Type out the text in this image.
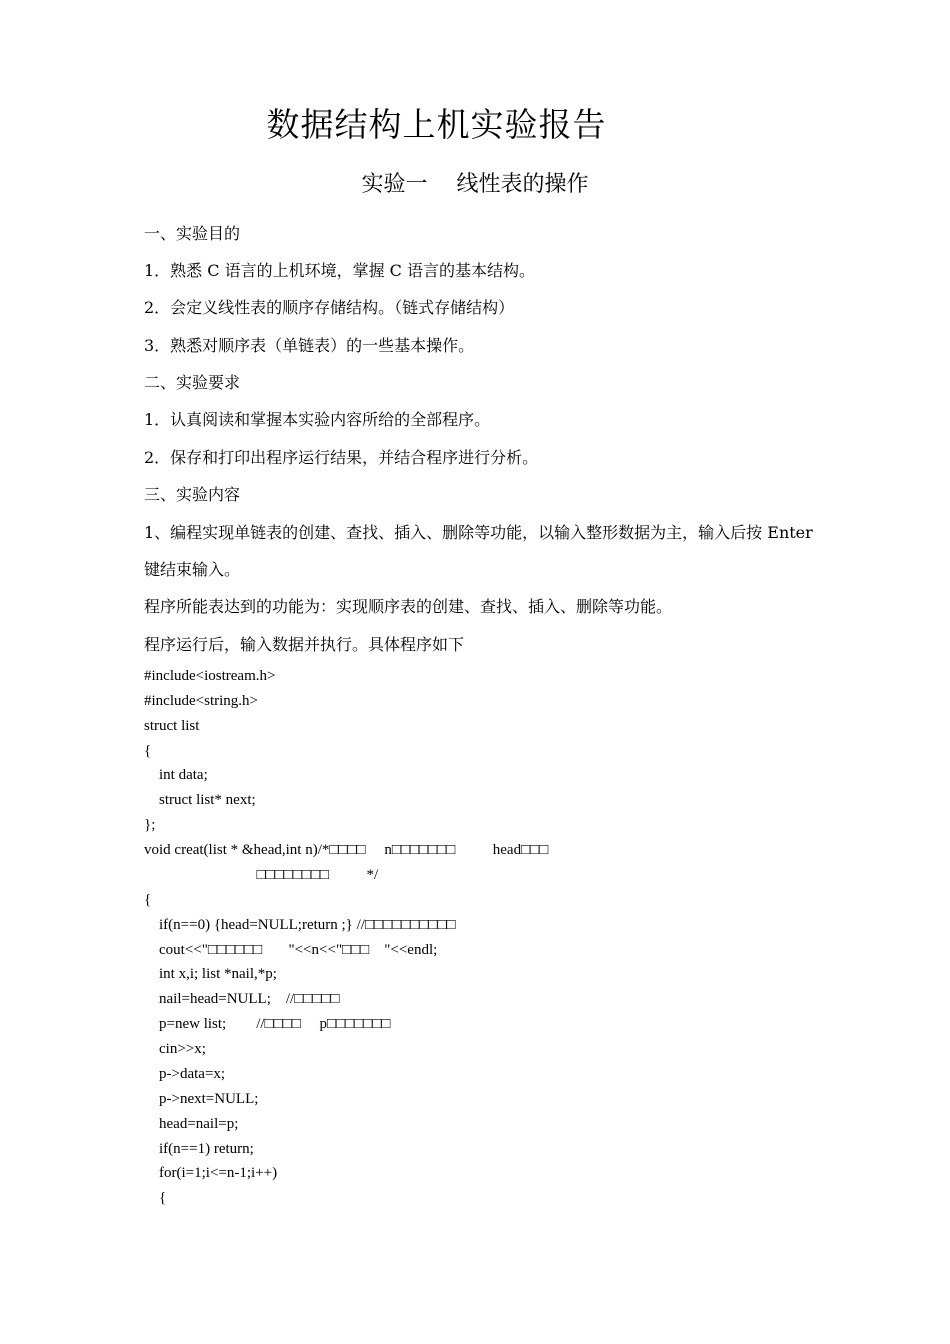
数据结构上机实验报告
实验一　 线性表的操作
一、实验目的
1．熟悉 C 语言的上机环境，掌握 C 语言的基本结构。
2．会定义线性表的顺序存储结构。（链式存储结构）
3．熟悉对顺序表（单链表）的一些基本操作。
二、实验要求
1．认真阅读和掌握本实验内容所给的全部程序。
2．保存和打印出程序运行结果，并结合程序进行分析。
三、实验内容
1、编程实现单链表的创建、查找、插入、删除等功能，以输入整形数据为主，输入后按 Enter
键结束输入。
程序所能表达到的功能为：实现顺序表的创建、查找、插入、删除等功能。
程序运行后，输入数据并执行。具体程序如下
#include<iostream.h>
#include<string.h>
struct list
{
int data;
struct list* next;
};
void creat(list * &head,int n)/*□□□□     n□□□□□□□          head□□□
□□□□□□□□          */
{
if(n==0) {head=NULL;return ;} //□□□□□□□□□□
cout<<"□□□□□□       "<<n<<"□□□    "<<endl;
int x,i; list *nail,*p;
nail=head=NULL;    //□□□□□
p=new list;        //□□□□     p□□□□□□□
cin>>x;
p->data=x;
p->next=NULL;
head=nail=p;
if(n==1) return;
for(i=1;i<=n-1;i++)
{
